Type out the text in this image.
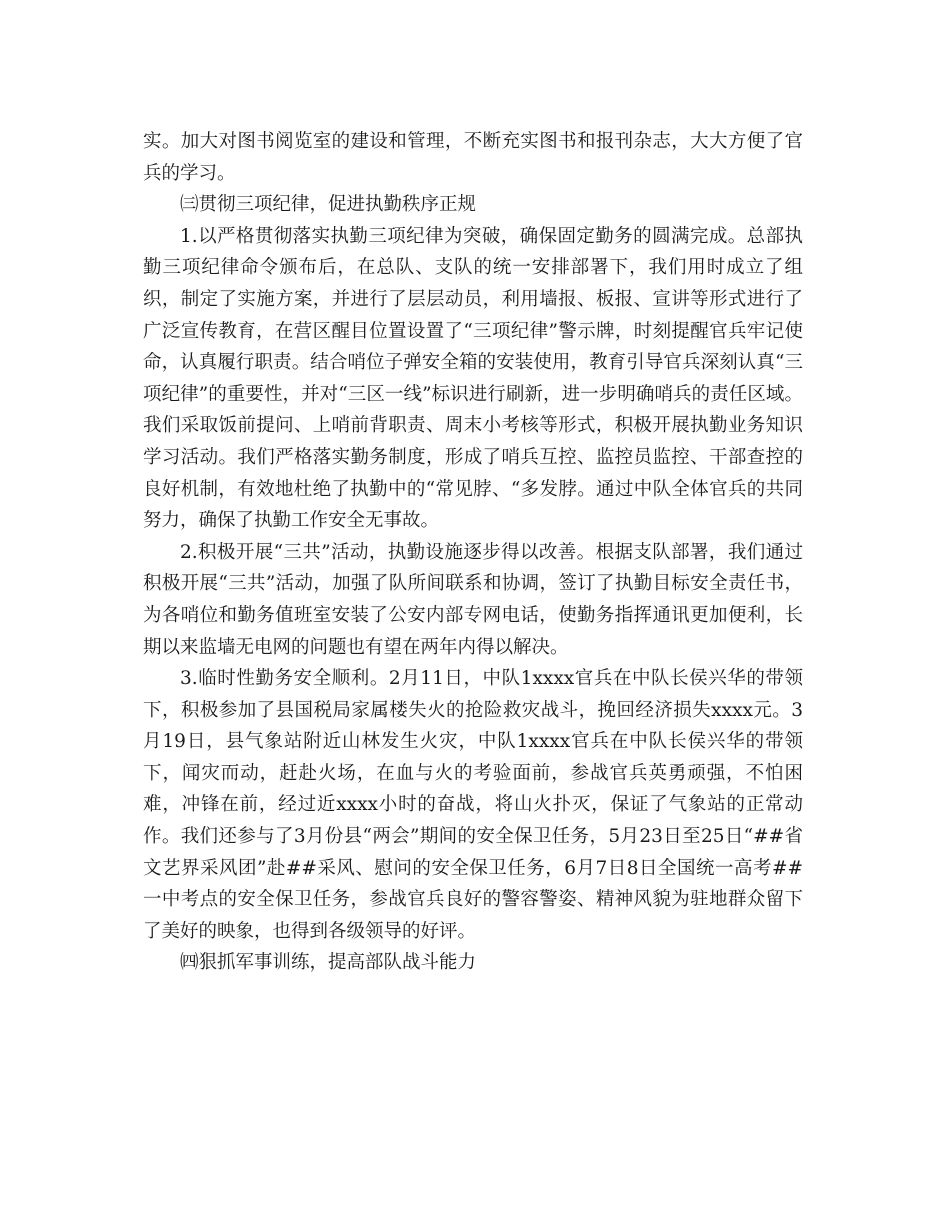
实。加大对图书阅览室的建设和管理，不断充实图书和报刊杂志，大大方便了官兵的学习。

㈢贯彻三项纪律，促进执勤秩序正规

1.以严格贯彻落实执勤三项纪律为突破，确保固定勤务的圆满完成。总部执勤三项纪律命令颁布后，在总队、支队的统一安排部署下，我们用时成立了组织，制定了实施方案，并进行了层层动员，利用墙报、板报、宣讲等形式进行了广泛宣传教育，在营区醒目位置设置了“三项纪律”警示牌，时刻提醒官兵牢记使命，认真履行职责。结合哨位子弹安全箱的安装使用，教育引导官兵深刻认真“三项纪律”的重要性，并对“三区一线”标识进行刷新，进一步明确哨兵的责任区域。我们采取饭前提问、上哨前背职责、周末小考核等形式，积极开展执勤业务知识学习活动。我们严格落实勤务制度，形成了哨兵互控、监控员监控、干部查控的良好机制，有效地杜绝了执勤中的“常见脖、“多发脖。通过中队全体官兵的共同努力，确保了执勤工作安全无事故。

2.积极开展“三共”活动，执勤设施逐步得以改善。根据支队部署，我们通过积极开展“三共”活动，加强了队所间联系和协调，签订了执勤目标安全责任书，为各哨位和勤务值班室安装了公安内部专网电话，使勤务指挥通讯更加便利，长期以来监墙无电网的问题也有望在两年内得以解决。

3.临时性勤务安全顺利。2月11日，中队1xxxx官兵在中队长侯兴华的带领下，积极参加了县国税局家属楼失火的抢险救灾战斗，挽回经济损失xxxx元。3月19日，县气象站附近山林发生火灾，中队1xxxx官兵在中队长侯兴华的带领下，闻灾而动，赶赴火场，在血与火的考验面前，参战官兵英勇顽强，不怕困难，冲锋在前，经过近xxxx小时的奋战，将山火扑灭，保证了气象站的正常动作。我们还参与了3月份县“两会”期间的安全保卫任务，5月23日至25日“##省文艺界采风团”赴##采风、慰问的安全保卫任务，6月7日8日全国统一高考##一中考点的安全保卫任务，参战官兵良好的警容警姿、精神风貌为驻地群众留下了美好的映象，也得到各级领导的好评。

㈣狠抓军事训练，提高部队战斗能力
